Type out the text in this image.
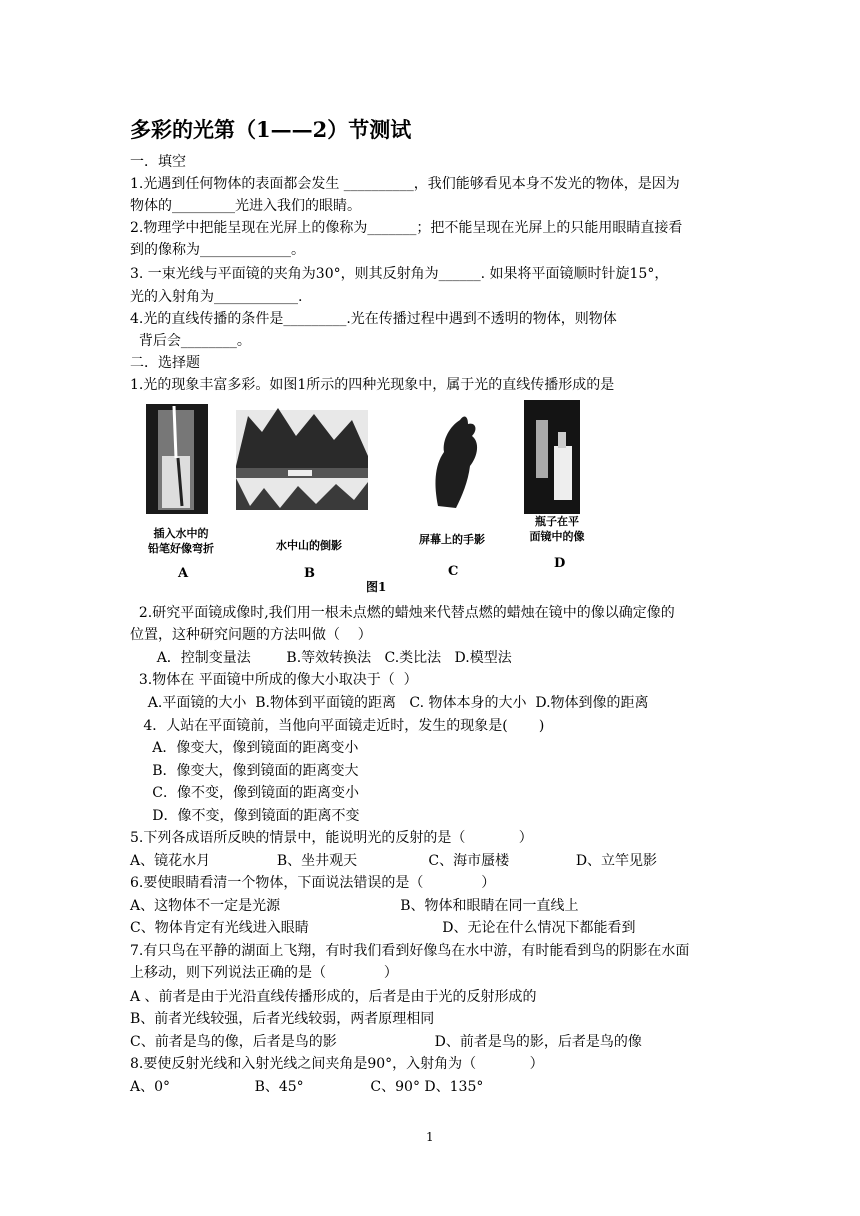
多彩的光第（1——2）节测试
一．填空
1.光遇到任何物体的表面都会发生 __________，我们能够看见本身不发光的物体，是因为
物体的_________光进入我们的眼睛。
2.物理学中把能呈现在光屏上的像称为_______；把不能呈现在光屏上的只能用眼睛直接看
到的像称为_____________。
3. 一束光线与平面镜的夹角为30°，则其反射角为______. 如果将平面镜顺时针旋15°，
光的入射角为____________.
4.光的直线传播的条件是_________.光在传播过程中遇到不透明的物体，则物体
背后会________。
二．选择题
1.光的现象丰富多彩。如图1所示的四种光现象中，属于光的直线传播形成的是
插入水中的
铅笔好像弯折	水中山的倒影	屏幕上的手影
瓶子在平
面镜中的像
A	B	C
D
图1
2.研究平面镜成像时,我们用一根未点燃的蜡烛来代替点燃的蜡烛在镜中的像以确定像的
位置，这种研究问题的方法叫做（    ）
A．控制变量法        B.等效转换法   C.类比法   D.模型法
3.物体在 平面镜中所成的像大小取决于（  ）
A.平面镜的大小  B.物体到平面镜的距离   C. 物体本身的大小  D.物体到像的距离
4．人站在平面镜前，当他向平面镜走近时，发生的现象是(       )
A．像变大，像到镜面的距离变小
B．像变大，像到镜面的距离变大
C．像不变，像到镜面的距离变小
D．像不变，像到镜面的距离不变
5.下列各成语所反映的情景中，能说明光的反射的是（            ）
A、镜花水月               B、坐井观天                C、海市蜃楼               D、立竿见影
6.要使眼睛看清一个物体，下面说法错误的是（             ）
A、这物体不一定是光源                           B、物体和眼睛在同一直线上
C、物体肯定有光线进入眼睛                              D、无论在什么情况下都能看到
7.有只鸟在平静的湖面上飞翔，有时我们看到好像鸟在水中游，有时能看到鸟的阴影在水面
上移动，则下列说法正确的是（             ）
A 、前者是由于光沿直线传播形成的，后者是由于光的反射形成的
B、前者光线较强，后者光线较弱，两者原理相同
C、前者是鸟的像，后者是鸟的影                      D、前者是鸟的影，后者是鸟的像
8.要使反射光线和入射光线之间夹角是90°，入射角为（            ）
A、0°                   B、45°               C、90° D、135°
1
